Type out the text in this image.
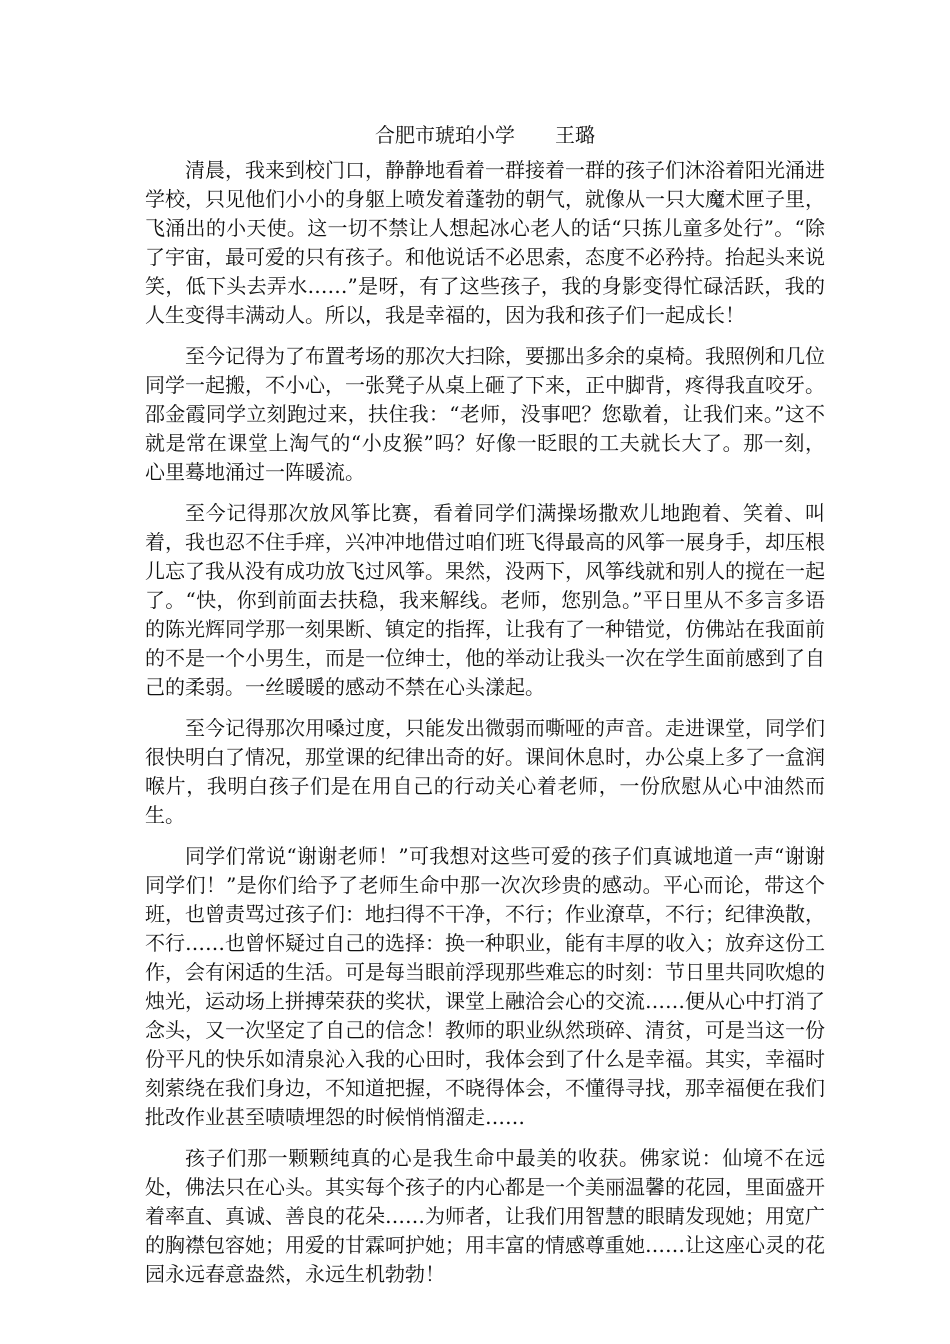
合肥市琥珀小学　　王璐

清晨，我来到校门口，静静地看着一群接着一群的孩子们沐浴着阳光涌进学校，只见他们小小的身躯上喷发着蓬勃的朝气，就像从一只大魔术匣子里，飞涌出的小天使。这一切不禁让人想起冰心老人的话“只拣儿童多处行”。“除了宇宙，最可爱的只有孩子。和他说话不必思索，态度不必矜持。抬起头来说笑，低下头去弄水……”是呀，有了这些孩子，我的身影变得忙碌活跃，我的人生变得丰满动人。所以，我是幸福的，因为我和孩子们一起成长！

至今记得为了布置考场的那次大扫除，要挪出多余的桌椅。我照例和几位同学一起搬，不小心，一张凳子从桌上砸了下来，正中脚背，疼得我直咬牙。邵金霞同学立刻跑过来，扶住我：“老师，没事吧？您歇着，让我们来。”这不就是常在课堂上淘气的“小皮猴”吗？好像一眨眼的工夫就长大了。那一刻，心里蓦地涌过一阵暖流。

至今记得那次放风筝比赛，看着同学们满操场撒欢儿地跑着、笑着、叫着，我也忍不住手痒，兴冲冲地借过咱们班飞得最高的风筝一展身手，却压根儿忘了我从没有成功放飞过风筝。果然，没两下，风筝线就和别人的搅在一起了。“快，你到前面去扶稳，我来解线。老师，您别急。”平日里从不多言多语的陈光辉同学那一刻果断、镇定的指挥，让我有了一种错觉，仿佛站在我面前的不是一个小男生，而是一位绅士，他的举动让我头一次在学生面前感到了自己的柔弱。一丝暖暖的感动不禁在心头漾起。

至今记得那次用嗓过度，只能发出微弱而嘶哑的声音。走进课堂，同学们很快明白了情况，那堂课的纪律出奇的好。课间休息时，办公桌上多了一盒润喉片，我明白孩子们是在用自己的行动关心着老师，一份欣慰从心中油然而生。

同学们常说“谢谢老师！”可我想对这些可爱的孩子们真诚地道一声“谢谢同学们！”是你们给予了老师生命中那一次次珍贵的感动。平心而论，带这个班，也曾责骂过孩子们：地扫得不干净，不行；作业潦草，不行；纪律涣散，不行……也曾怀疑过自己的选择：换一种职业，能有丰厚的收入；放弃这份工作，会有闲适的生活。可是每当眼前浮现那些难忘的时刻：节日里共同吹熄的烛光，运动场上拼搏荣获的奖状，课堂上融洽会心的交流……便从心中打消了念头，又一次坚定了自己的信念！教师的职业纵然琐碎、清贫，可是当这一份份平凡的快乐如清泉沁入我的心田时，我体会到了什么是幸福。其实，幸福时刻萦绕在我们身边，不知道把握，不晓得体会，不懂得寻找，那幸福便在我们批改作业甚至啧啧埋怨的时候悄悄溜走……

孩子们那一颗颗纯真的心是我生命中最美的收获。佛家说：仙境不在远处，佛法只在心头。其实每个孩子的内心都是一个美丽温馨的花园，里面盛开着率直、真诚、善良的花朵……为师者，让我们用智慧的眼睛发现她；用宽广的胸襟包容她；用爱的甘霖呵护她；用丰富的情感尊重她……让这座心灵的花园永远春意盎然，永远生机勃勃！
